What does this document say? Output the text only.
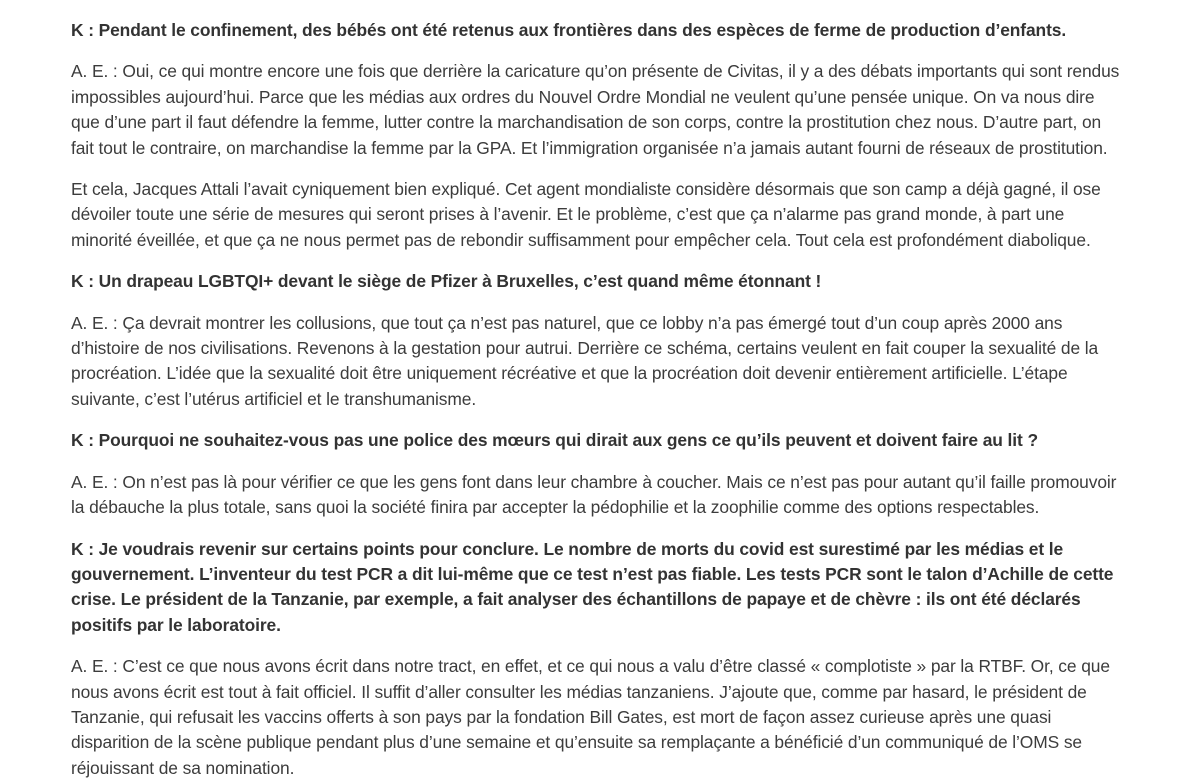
K : Pendant le confinement, des bébés ont été retenus aux frontières dans des espèces de ferme de production d’enfants.

A. E. : Oui, ce qui montre encore une fois que derrière la caricature qu’on présente de Civitas, il y a des débats importants qui sont rendus impossibles aujourd’hui. Parce que les médias aux ordres du Nouvel Ordre Mondial ne veulent qu’une pensée unique. On va nous dire que d’une part il faut défendre la femme, lutter contre la marchandisation de son corps, contre la prostitution chez nous. D’autre part, on fait tout le contraire, on marchandise la femme par la GPA. Et l’immigration organisée n’a jamais autant fourni de réseaux de prostitution.

Et cela, Jacques Attali l’avait cyniquement bien expliqué. Cet agent mondialiste considère désormais que son camp a déjà gagné, il ose dévoiler toute une série de mesures qui seront prises à l’avenir. Et le problème, c’est que ça n’alarme pas grand monde, à part une minorité éveillée, et que ça ne nous permet pas de rebondir suffisamment pour empêcher cela. Tout cela est profondément diabolique.

K : Un drapeau LGBTQI+ devant le siège de Pfizer à Bruxelles, c’est quand même étonnant !

A. E. : Ça devrait montrer les collusions, que tout ça n’est pas naturel, que ce lobby n’a pas émergé tout d’un coup après 2000 ans d’histoire de nos civilisations. Revenons à la gestation pour autrui. Derrière ce schéma, certains veulent en fait couper la sexualité de la procréation. L’idée que la sexualité doit être uniquement récréative et que la procréation doit devenir entièrement artificielle. L’étape suivante, c’est l’utérus artificiel et le transhumanisme.

K : Pourquoi ne souhaitez-vous pas une police des mœurs qui dirait aux gens ce qu’ils peuvent et doivent faire au lit ?

A. E. : On n’est pas là pour vérifier ce que les gens font dans leur chambre à coucher. Mais ce n’est pas pour autant qu’il faille promouvoir la débauche la plus totale, sans quoi la société finira par accepter la pédophilie et la zoophilie comme des options respectables.

K : Je voudrais revenir sur certains points pour conclure. Le nombre de morts du covid est surestimé par les médias et le gouvernement. L’inventeur du test PCR a dit lui-même que ce test n’est pas fiable. Les tests PCR sont le talon d’Achille de cette crise. Le président de la Tanzanie, par exemple, a fait analyser des échantillons de papaye et de chèvre : ils ont été déclarés positifs par le laboratoire.

A. E. : C’est ce que nous avons écrit dans notre tract, en effet, et ce qui nous a valu d’être classé « complotiste » par la RTBF. Or, ce que nous avons écrit est tout à fait officiel. Il suffit d’aller consulter les médias tanzaniens. J’ajoute que, comme par hasard, le président de Tanzanie, qui refusait les vaccins offerts à son pays par la fondation Bill Gates, est mort de façon assez curieuse après une quasi disparition de la scène publique pendant plus d’une semaine et qu’ensuite sa remplaçante a bénéficié d’un communiqué de l’OMS se réjouissant de sa nomination.
